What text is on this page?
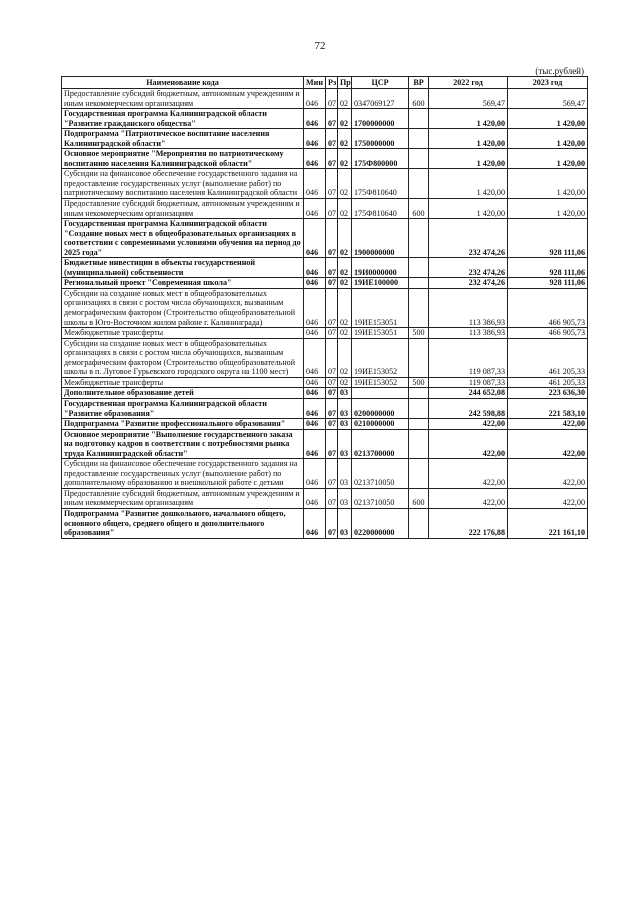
72
(тыс.рублей)
Наименование кода	Мин	Рз	Пр	ЦСР	ВР	2022 год	2023 год
Предоставление субсидий бюджетным, автономным учреждениям и иным некоммерческим организациям	046	07	02	0347069127	600	569,47	569,47
Государственная программа Калининградской области "Развитие гражданского общества"	046	07	02	1700000000		1 420,00	1 420,00
Подпрограмма "Патриотическое воспитание населения Калининградской области"	046	07	02	1750000000		1 420,00	1 420,00
Основное мероприятие "Мероприятия по патриотическому воспитанию населения Калининградской области"	046	07	02	175Ф800000		1 420,00	1 420,00
Субсидии на финансовое обеспечение государственного задания на предоставление государственных услуг (выполнение работ) по патриотическому воспитанию населения Калининградской области	046	07	02	175Ф810640		1 420,00	1 420,00
Предоставление субсидий бюджетным, автономным учреждениям и иным некоммерческим организациям	046	07	02	175Ф810640	600	1 420,00	1 420,00
Государственная программа Калининградской области "Создание новых мест в общеобразовательных организациях в соответствии с современными условиями обучения на период до 2025 года"	046	07	02	1900000000		232 474,26	928 111,06
Бюджетные инвестиции в объекты государственной (муниципальной) собственности	046	07	02	19И0000000		232 474,26	928 111,06
Региональный проект "Современная школа"	046	07	02	19ИЕ100000		232 474,26	928 111,06
Субсидии на создание новых мест в общеобразовательных организациях в связи с ростом числа обучающихся, вызванным демографическим фактором (Строительство общеобразовательной школы в Юго-Восточном жилом районе г. Калининграда)	046	07	02	19ИЕ153051		113 386,93	466 905,73
Межбюджетные трансферты	046	07	02	19ИЕ153051	500	113 386,93	466 905,73
Субсидии на создание новых мест в общеобразовательных организациях в связи с ростом числа обучающихся, вызванным демографическим фактором (Строительство общеобразовательной школы в п. Луговое Гурьевского городского округа на 1100 мест)	046	07	02	19ИЕ153052		119 087,33	461 205,33
Межбюджетные трансферты	046	07	02	19ИЕ153052	500	119 087,33	461 205,33
Дополнительное образование детей	046	07	03			244 652,08	223 636,30
Государственная программа Калининградской области "Развитие образования"	046	07	03	0200000000		242 598,88	221 583,10
Подпрограмма "Развитие профессионального образования"	046	07	03	0210000000		422,00	422,00
Основное мероприятие "Выполнение государственного заказа на подготовку кадров в соответствии с потребностями рынка труда Калининградской области"	046	07	03	0213700000		422,00	422,00
Субсидии на финансовое обеспечение государственного задания на предоставление государственных услуг (выполнение работ) по дополнительному образованию и внешкольной работе с детьми	046	07	03	0213710050		422,00	422,00
Предоставление субсидий бюджетным, автономным учреждениям и иным некоммерческим организациям	046	07	03	0213710050	600	422,00	422,00
Подпрограмма "Развитие дошкольного, начального общего, основного общего, среднего общего и дополнительного образования"	046	07	03	0220000000		222 176,88	221 161,10
